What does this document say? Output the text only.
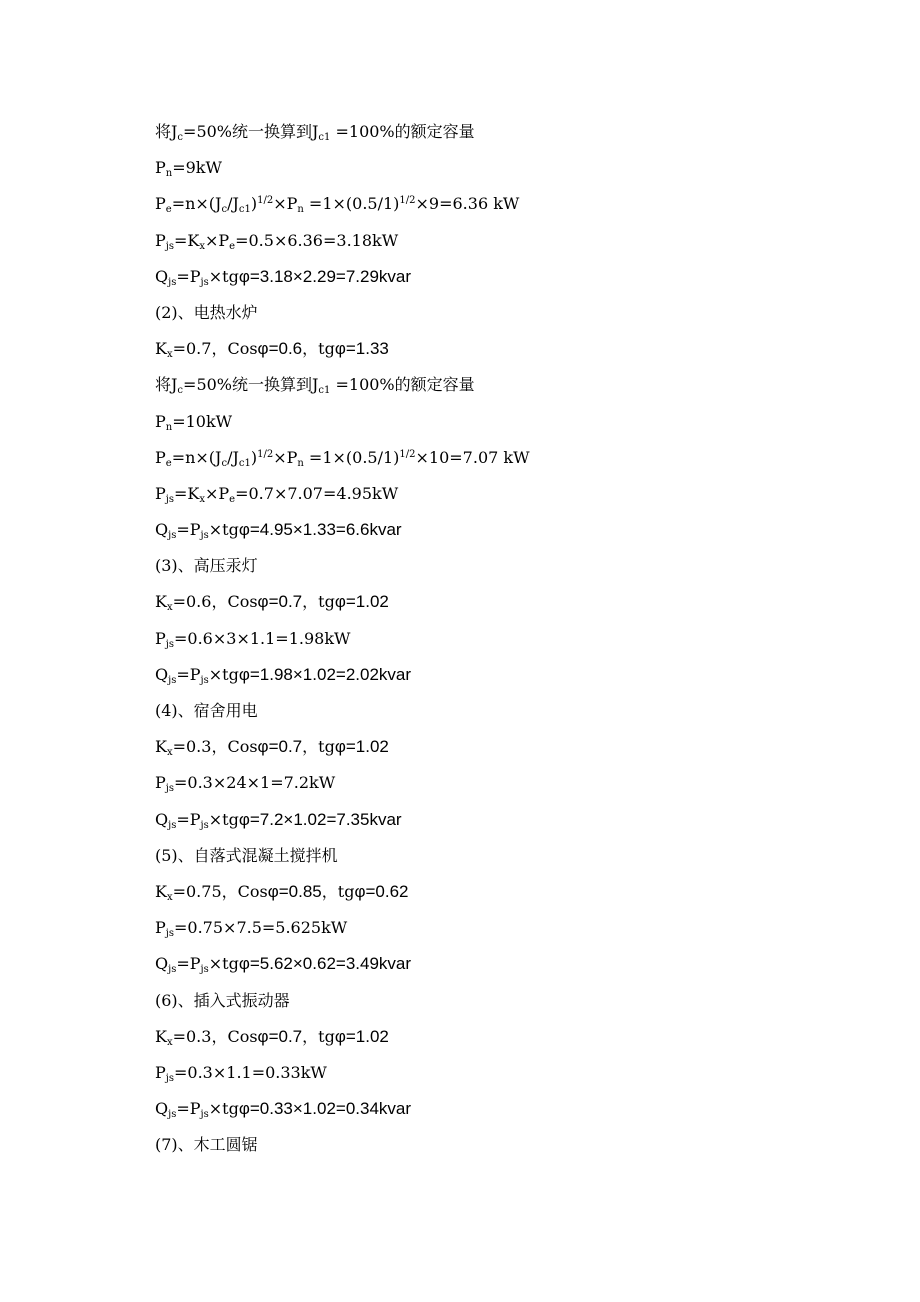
将$J_c=50\%$统一换算到$J_{c1} =100\%$的额定容量
$P_n=9kW$
$P_e=n\times(J_c/J_{c1})^{1/2}\times P_n =1\times(0.5/1)^{1/2}\times 9=6.36$ kW
$P_{js}=K_x\times P_e=0.5\times 6.36=3.18kW$
$Q_{js}=P_{js}\times tg\varphi=3.18\times 2.29=7.29kvar$
(2)、电热水炉
$K_x=0.7$，Cosφ=0.6，tgφ=1.33
将$J_c=50\%$统一换算到$J_{c1} =100\%$的额定容量
$P_n=10kW$
$P_e=n\times(J_c/J_{c1})^{1/2}\times P_n =1\times(0.5/1)^{1/2}\times 10=7.07$ kW
$P_{js}=K_x\times P_e=0.7\times 7.07=4.95kW$
$Q_{js}=P_{js}\times tg\varphi=4.95\times 1.33=6.6kvar$
(3)、高压汞灯
$K_x=0.6$，Cosφ=0.7，tgφ=1.02
$P_{js}=0.6\times 3\times 1.1=1.98kW$
$Q_{js}=P_{js}\times tg\varphi=1.98\times 1.02=2.02kvar$
(4)、宿舍用电
$K_x=0.3$，Cosφ=0.7，tgφ=1.02
$P_{js}=0.3\times 24\times 1=7.2kW$
$Q_{js}=P_{js}\times tg\varphi=7.2\times 1.02=7.35kvar$
(5)、自落式混凝土搅拌机
$K_x=0.75$，Cosφ=0.85，tgφ=0.62
$P_{js}=0.75\times 7.5=5.625kW$
$Q_{js}=P_{js}\times tg\varphi=5.62\times 0.62=3.49kvar$
(6)、插入式振动器
$K_x=0.3$，Cosφ=0.7，tgφ=1.02
$P_{js}=0.3\times 1.1=0.33kW$
$Q_{js}=P_{js}\times tg\varphi=0.33\times 1.02=0.34kvar$
(7)、木工圆锯
